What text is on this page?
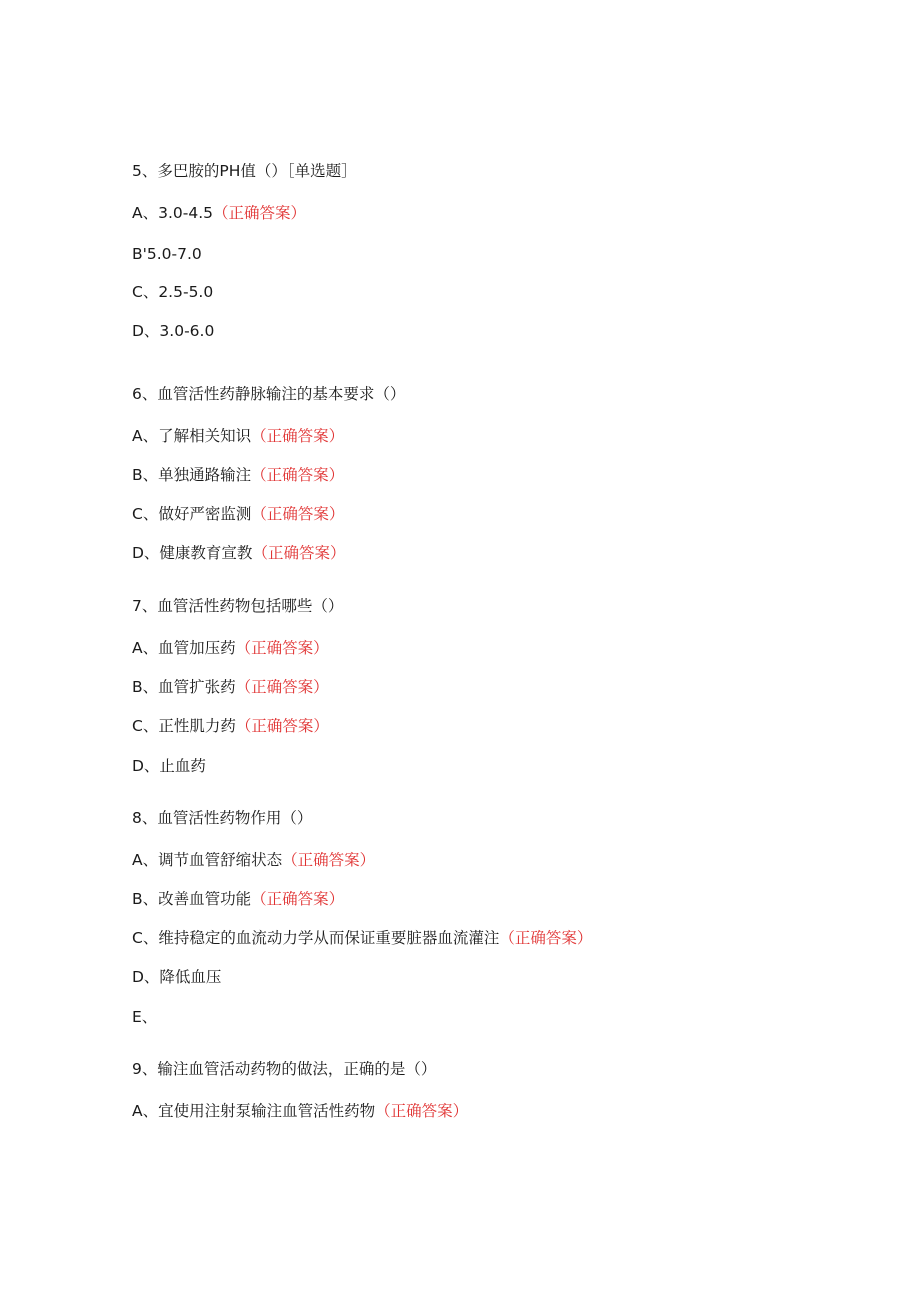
5、多巴胺的PH值（）［单选题］
A、3.0-4.5（正确答案）
B'5.0-7.0
C、2.5-5.0
D、3.0-6.0
6、血管活性药静脉输注的基本要求（）
A、了解相关知识（正确答案）
B、单独通路输注（正确答案）
C、做好严密监测（正确答案）
D、健康教育宣教（正确答案）
7、血管活性药物包括哪些（）
A、血管加压药（正确答案）
B、血管扩张药（正确答案）
C、正性肌力药（正确答案）
D、止血药
8、血管活性药物作用（）
A、调节血管舒缩状态（正确答案）
B、改善血管功能（正确答案）
C、维持稳定的血流动力学从而保证重要脏器血流灌注（正确答案）
D、降低血压
E、
9、输注血管活动药物的做法，正确的是（）
A、宜使用注射泵输注血管活性药物（正确答案）
